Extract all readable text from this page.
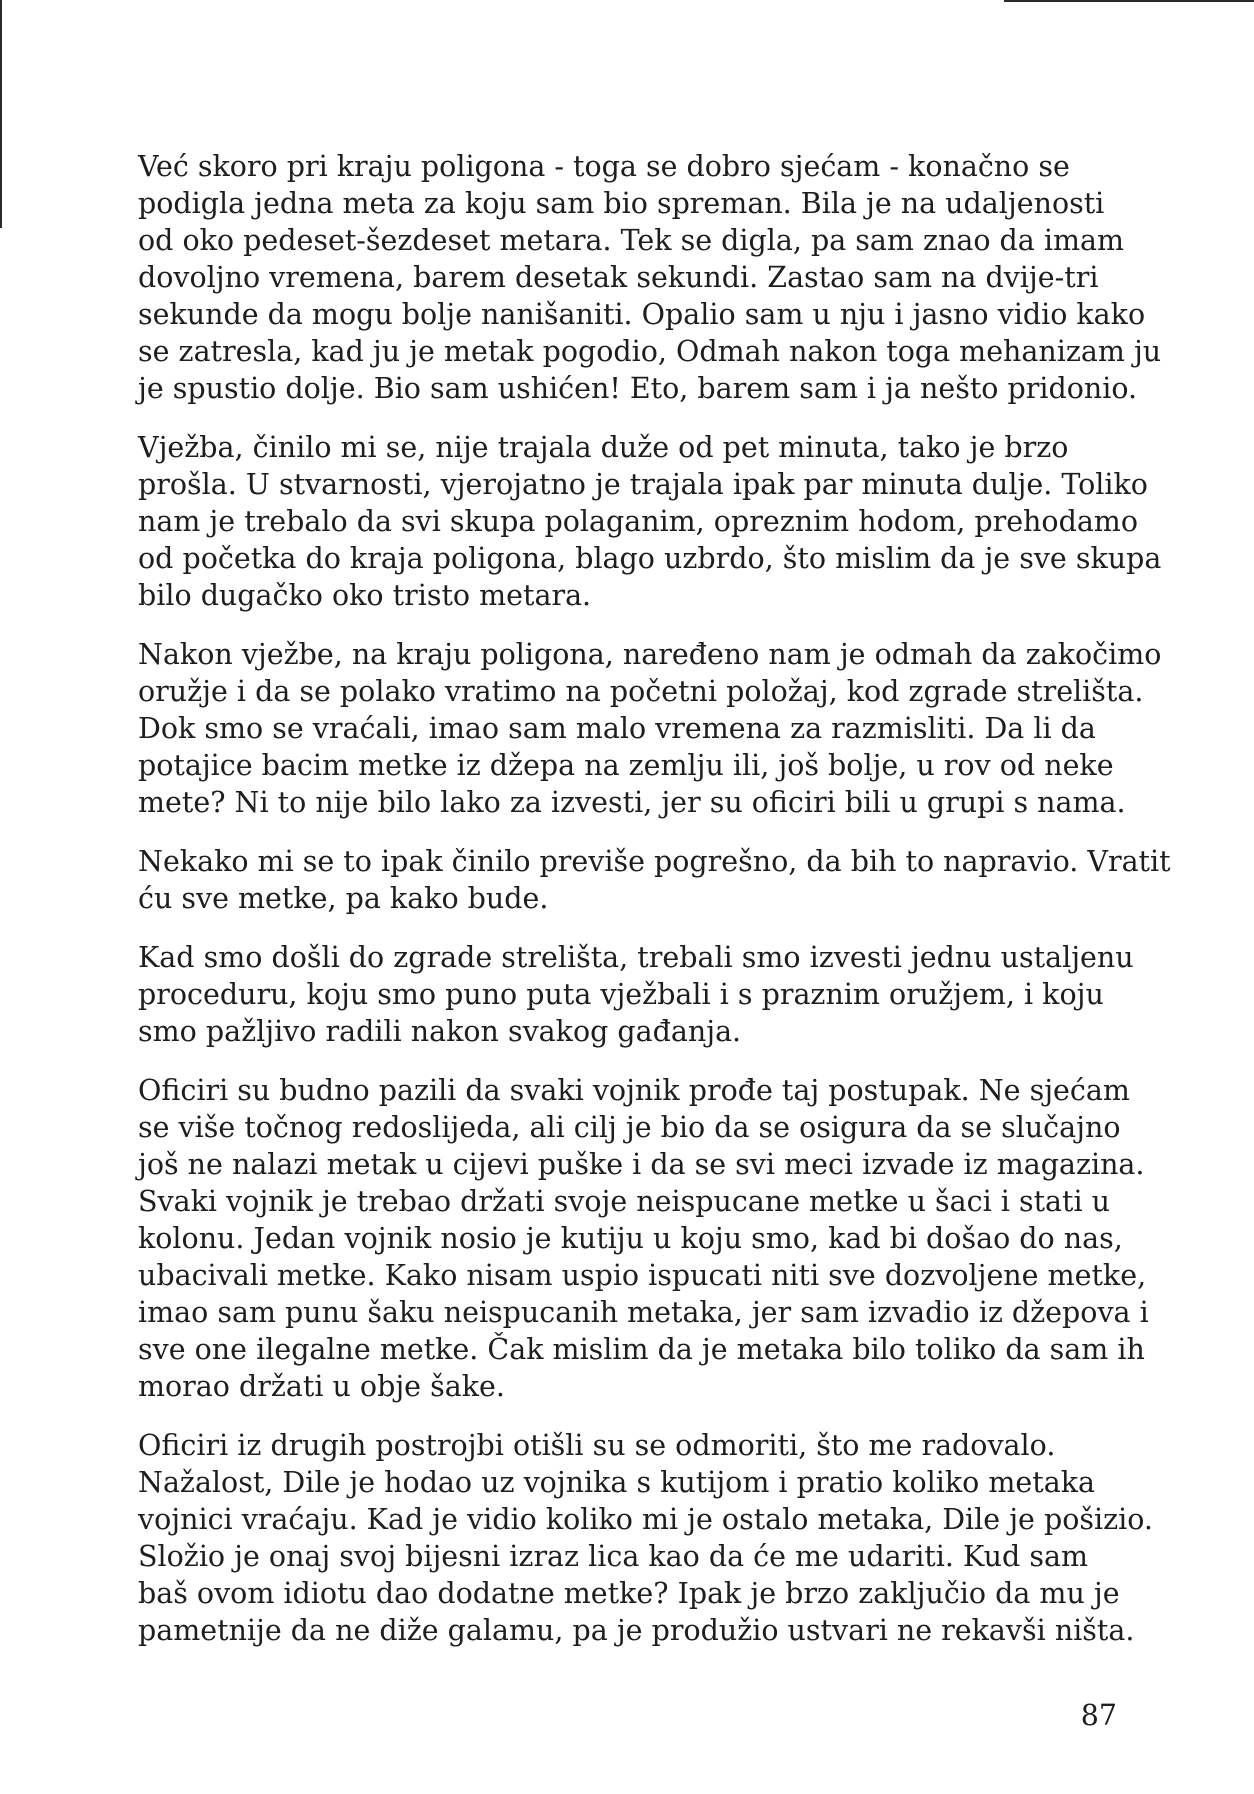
Već skoro pri kraju poligona - toga se dobro sjećam - konačno se
podigla jedna meta za koju sam bio spreman. Bila je na udaljenosti
od oko pedeset-šezdeset metara. Tek se digla, pa sam znao da imam
dovoljno vremena, barem desetak sekundi. Zastao sam na dvije-tri
sekunde da mogu bolje nanišaniti. Opalio sam u nju i jasno vidio kako
se zatresla, kad ju je metak pogodio, Odmah nakon toga mehanizam ju
je spustio dolje. Bio sam ushićen! Eto, barem sam i ja nešto pridonio.

Vježba, činilo mi se, nije trajala duže od pet minuta, tako je brzo
prošla. U stvarnosti, vjerojatno je trajala ipak par minuta dulje. Toliko
nam je trebalo da svi skupa polaganim, opreznim hodom, prehodamo
od početka do kraja poligona, blago uzbrdo, što mislim da je sve skupa
bilo dugačko oko tristo metara.

Nakon vježbe, na kraju poligona, naređeno nam je odmah da zakočimo
oružje i da se polako vratimo na početni položaj, kod zgrade strelišta.
Dok smo se vraćali, imao sam malo vremena za razmisliti. Da li da
potajice bacim metke iz džepa na zemlju ili, još bolje, u rov od neke
mete? Ni to nije bilo lako za izvesti, jer su oficiri bili u grupi s nama.

Nekako mi se to ipak činilo previše pogrešno, da bih to napravio. Vratit
ću sve metke, pa kako bude.

Kad smo došli do zgrade strelišta, trebali smo izvesti jednu ustaljenu
proceduru, koju smo puno puta vježbali i s praznim oružjem, i koju
smo pažljivo radili nakon svakog gađanja.

Oficiri su budno pazili da svaki vojnik prođe taj postupak. Ne sjećam
se više točnog redoslijeda, ali cilj je bio da se osigura da se slučajno
još ne nalazi metak u cijevi puške i da se svi meci izvade iz magazina.
Svaki vojnik je trebao držati svoje neispucane metke u šaci i stati u
kolonu. Jedan vojnik nosio je kutiju u koju smo, kad bi došao do nas,
ubacivali metke. Kako nisam uspio ispucati niti sve dozvoljene metke,
imao sam punu šaku neispucanih metaka, jer sam izvadio iz džepova i
sve one ilegalne metke. Čak mislim da je metaka bilo toliko da sam ih
morao držati u obje šake.

Oficiri iz drugih postrojbi otišli su se odmoriti, što me radovalo.
Nažalost, Dile je hodao uz vojnika s kutijom i pratio koliko metaka
vojnici vraćaju. Kad je vidio koliko mi je ostalo metaka, Dile je pošizio.
Složio je onaj svoj bijesni izraz lica kao da će me udariti. Kud sam
baš ovom idiotu dao dodatne metke? Ipak je brzo zaključio da mu je
pametnije da ne diže galamu, pa je produžio ustvari ne rekavši ništa.

87
